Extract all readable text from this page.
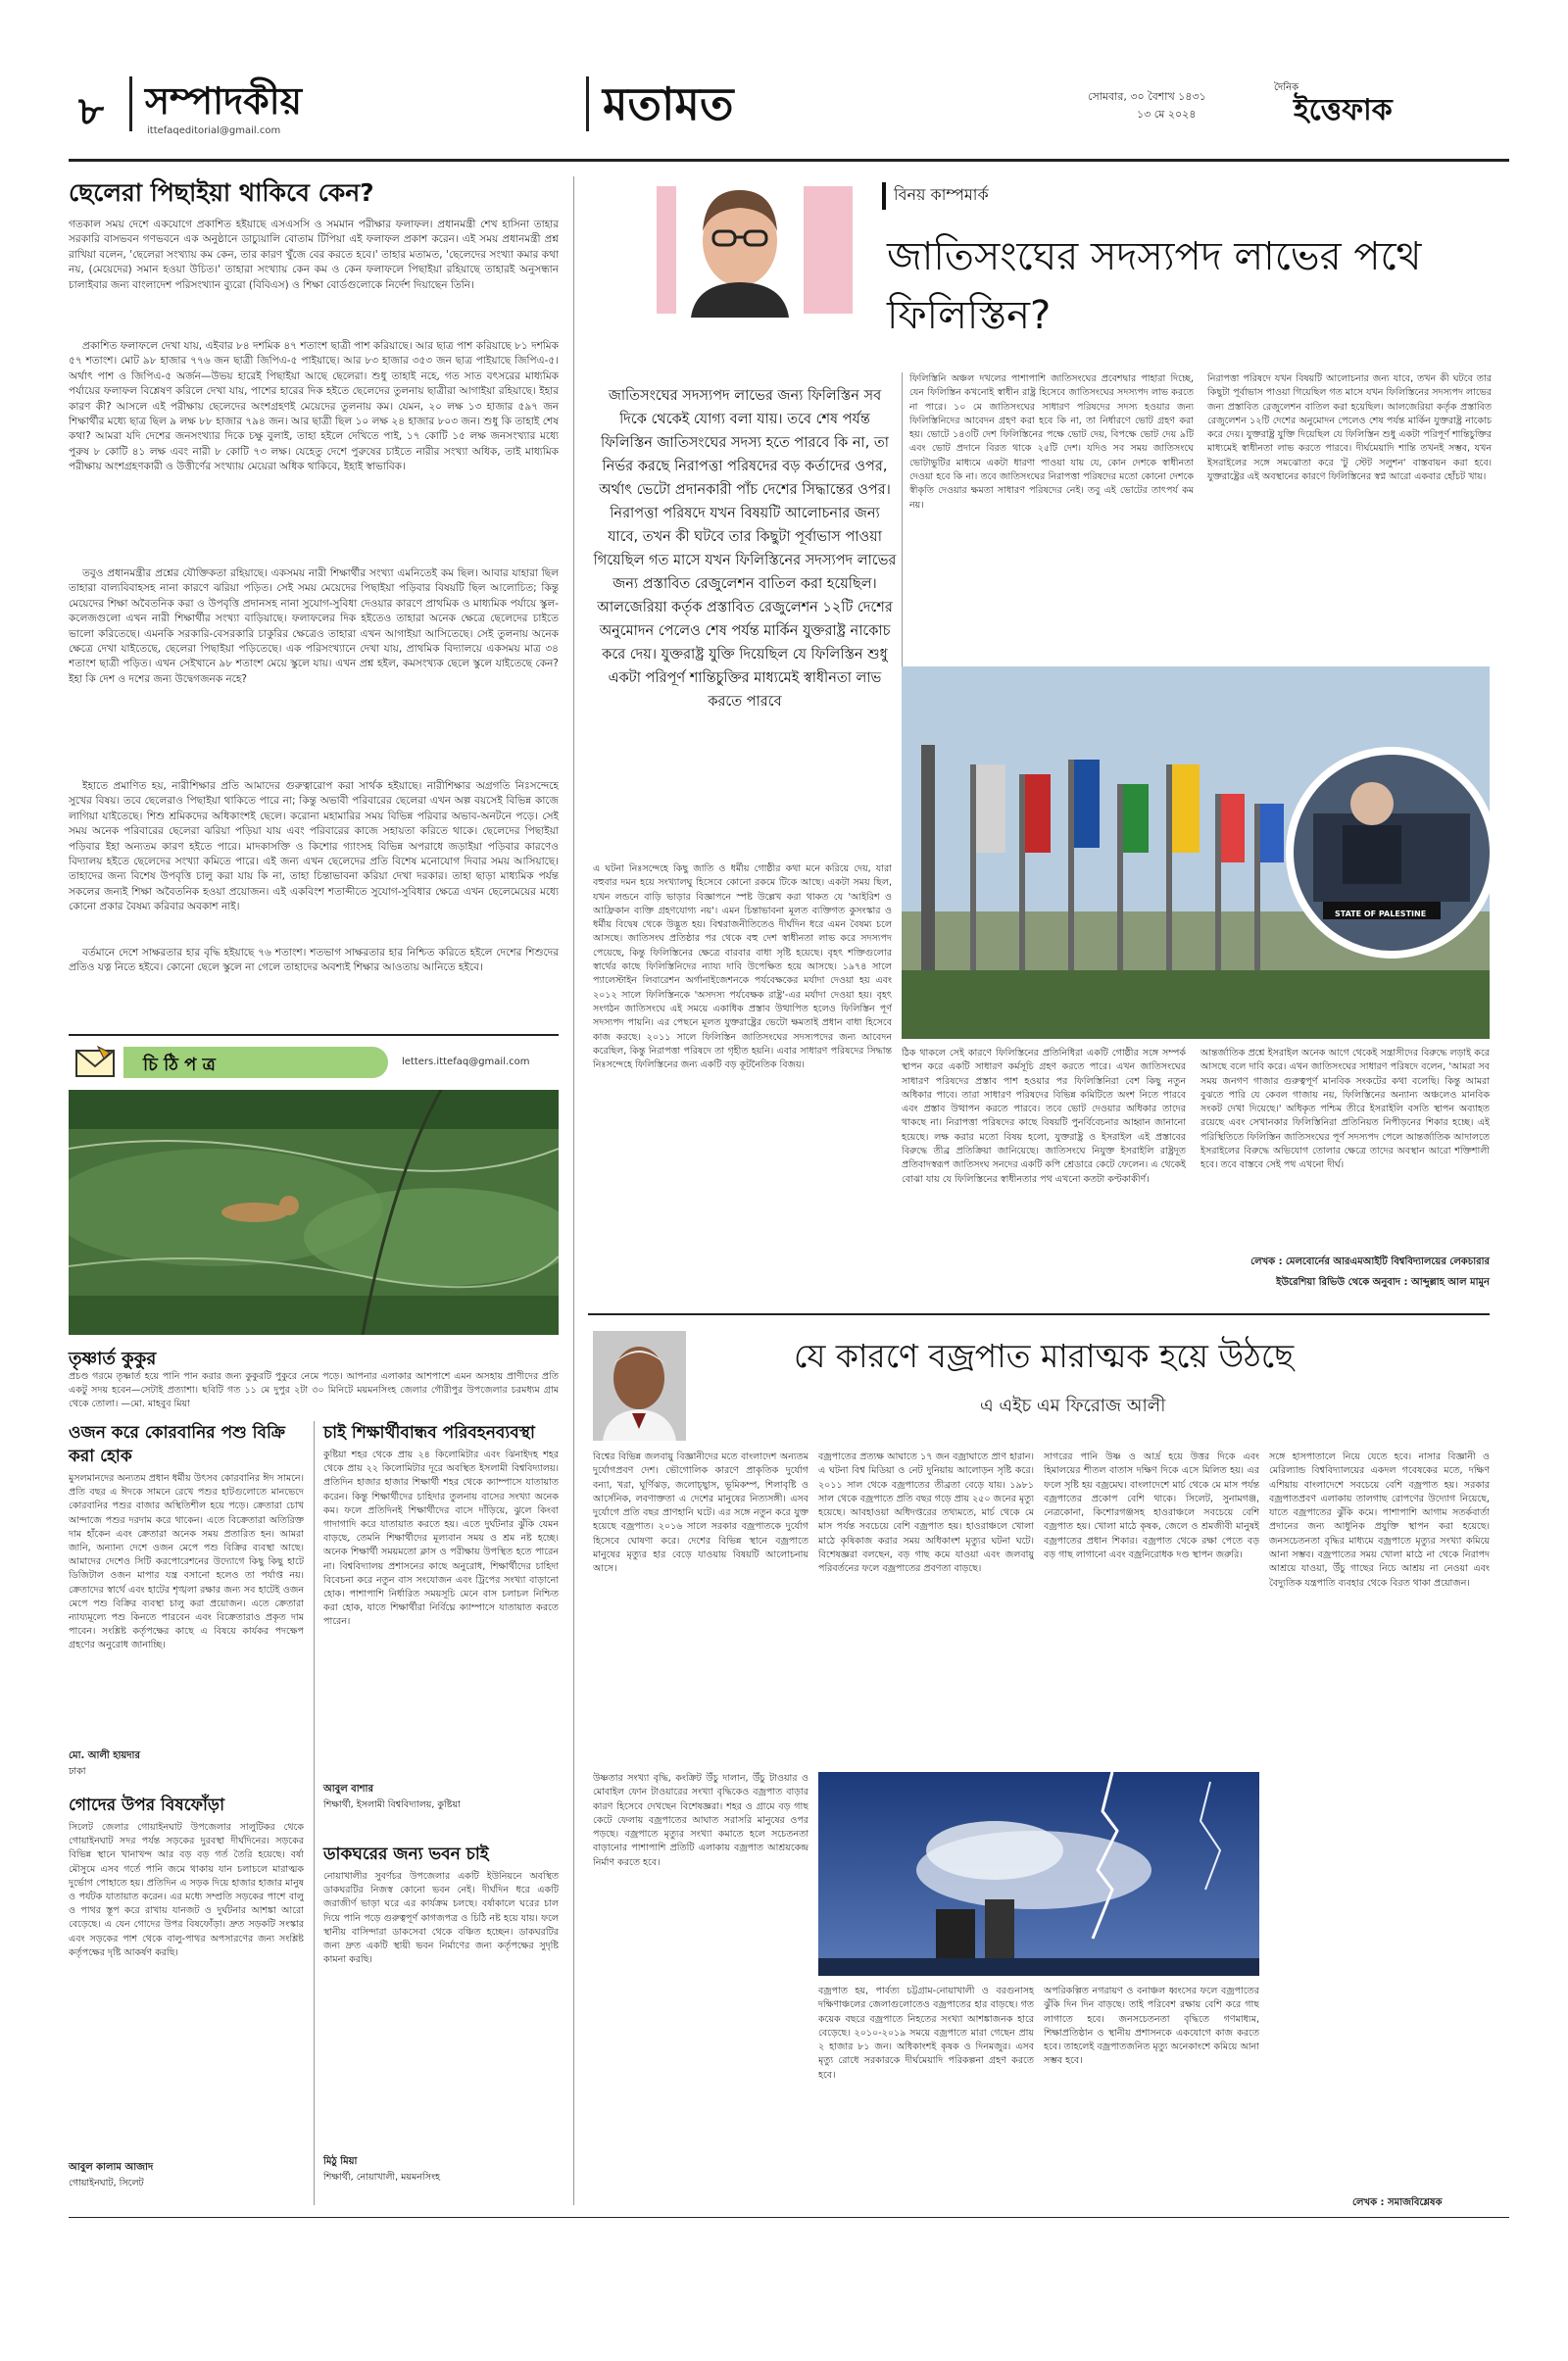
৮ সম্পাদকীয়
ittefaqeditorial@gmail.com
মতামত	সোমবার, ৩০ বৈশাখ ১৪৩১
১৩ মে ২০২৪
দৈনিক
ইত্তেফাক
ছেলেরা পিছাইয়া থাকিবে কেন?
গতকাল সময় দেশে একযোগে প্রকাশিত হইয়াছে এসএসসি ও সমমান পরীক্ষার ফলাফল। প্রধানমন্ত্রী শেখ হাসিনা তাহার সরকারি বাসভবন গণভবনে এক অনুষ্ঠানে ডাচ্যুয়ালি বোতাম টিপিয়া এই ফলাফল প্রকাশ করেন। এই সময় প্রধানমন্ত্রী প্রশ্ন রাখিয়া বলেন, 'ছেলেরা সংখ্যায় কম কেন, তার কারণ খুঁজে বের করতে হবে।' তাহার মতামত, 'ছেলেদের সংখ্যা কমার কথা নয়, (মেয়েদের) সমান হওয়া উচিত।' তাহারা সংখ্যায় কেন কম ও কেন ফলাফলে পিছাইয়া রহিয়াছে তাহারই অনুসন্ধান চালাইবার জন্য বাংলাদেশ পরিসংখ্যান ব্যুরো (বিবিএস) ও শিক্ষা বোর্ডগুলোকে নির্দেশ দিয়াছেন তিনি।
প্রকাশিত ফলাফলে দেখা যায়, এইবার ৮৪ দশমিক ৪৭ শতাংশ ছাত্রী পাশ করিয়াছে। আর ছাত্র পাশ করিয়াছে ৮১ দশমিক ৫৭ শতাংশ। মোট ৯৮ হাজার ৭৭৬ জন ছাত্রী জিপিএ-৫ পাইয়াছে। আর ৮৩ হাজার ৩৫৩ জন ছাত্র পাইয়াছে জিপিএ-৫। অর্থাৎ পাশ ও জিপিএ-৫ অর্জন—উভয় হারেই পিছাইয়া আছে ছেলেরা। শুধু তাহাই নহে, গত সাত বৎসরের মাধ্যমিক পর্যায়ের ফলাফল বিশ্লেষণ করিলে দেখা যায়, পাশের হারের দিক হইতে ছেলেদের তুলনায় ছাত্রীরা আগাইয়া রহিয়াছে। ইহার কারণ কী? আসলে এই পরীক্ষায় ছেলেদের অংশগ্রহণই মেয়েদের তুলনায় কম। যেমন, ২০ লক্ষ ১৩ হাজার ৫৯৭ জন শিক্ষার্থীর মধ্যে ছাত্র ছিল ৯ লক্ষ ৮৮ হাজার ৭৯৪ জন। আর ছাত্রী ছিল ১০ লক্ষ ২৪ হাজার ৮০৩ জন। শুধু কি তাহাই শেষ কথা? আমরা যদি দেশের জনসংখ্যার দিকে চক্ষু বুলাই, তাহা হইলে দেখিতে পাই, ১৭ কোটি ১৫ লক্ষ জনসংখ্যার মধ্যে পুরুষ ৮ কোটি ৪১ লক্ষ এবং নারী ৮ কোটি ৭৩ লক্ষ। যেহেতু দেশে পুরুষের চাইতে নারীর সংখ্যা অধিক, তাই মাধ্যমিক পরীক্ষায় অংশগ্রহণকারী ও উত্তীর্ণের সংখ্যায় মেয়েরা অধিক থাকিবে, ইহাই স্বাভাবিক।
তবুও প্রধানমন্ত্রীর প্রশ্নের যৌক্তিকতা রহিয়াছে। একসময় নারী শিক্ষার্থীর সংখ্যা এমনিতেই কম ছিল। আবার যাহারা ছিল তাহারা বাল্যবিবাহসহ নানা কারণে ঝরিয়া পড়িত। সেই সময় মেয়েদের পিছাইয়া পড়িবার বিষয়টি ছিল আলোচিত; কিন্তু মেয়েদের শিক্ষা অবৈতনিক করা ও উপবৃত্তি প্রদানসহ নানা সুযোগ-সুবিধা দেওয়ার কারণে প্রাথমিক ও মাধ্যমিক পর্যায়ে স্কুল-কলেজগুলো এখন নারী শিক্ষার্থীর সংখ্যা বাড়িয়াছে। ফলাফলের দিক হইতেও তাহারা অনেক ক্ষেত্রে ছেলেদের চাইতে ভালো করিতেছে। এমনকি সরকারি-বেসরকারি চাকুরির ক্ষেত্রেও তাহারা এখন আগাইয়া আসিতেছে। সেই তুলনায় অনেক ক্ষেত্রে দেখা যাইতেছে, ছেলেরা পিছাইয়া পড়িতেছে। এক পরিসংখ্যানে দেখা যায়, প্রাথমিক বিদ্যালয়ে একসময় মাত্র ৩৪ শতাংশ ছাত্রী পড়িত। এখন সেইখানে ৯৮ শতাংশ মেয়ে স্কুলে যায়। এখন প্রশ্ন হইল, কমসংখ্যক ছেলে স্কুলে যাইতেছে কেন? ইহা কি দেশ ও দশের জন্য উদ্বেগজনক নহে?
ইহাতে প্রমাণিত হয়, নারীশিক্ষার প্রতি আমাদের গুরুত্বারোপ করা সার্থক হইয়াছে। নারীশিক্ষার অগ্রগতি নিঃসন্দেহে সুখের বিষয়। তবে ছেলেরাও পিছাইয়া থাকিতে পারে না; কিন্তু অভাবী পরিবারের ছেলেরা এখন অল্প বয়সেই বিভিন্ন কাজে লাগিয়া যাইতেছে। শিশু শ্রমিকদের অধিকাংশই ছেলে। করোনা মহামারির সময় বিভিন্ন পরিবার অভাব-অনটনে পড়ে। সেই সময় অনেক পরিবারের ছেলেরা ঝরিয়া পড়িয়া যায় এবং পরিবারের কাজে সহায়তা করিতে থাকে। ছেলেদের পিছাইয়া পড়িবার ইহা অন্যতম কারণ হইতে পারে। মাদকাসক্তি ও কিশোর গ্যাংসহ বিভিন্ন অপরাধে জড়াইয়া পড়িবার কারণেও বিদ্যালয় হইতে ছেলেদের সংখ্যা কমিতে পারে। এই জন্য এখন ছেলেদের প্রতি বিশেষ মনোযোগ দিবার সময় আসিয়াছে। তাহাদের জন্য বিশেষ উপবৃত্তি চালু করা যায় কি না, তাহা চিন্তাভাবনা করিয়া দেখা দরকার। তাহা ছাড়া মাধ্যমিক পর্যন্ত সকলের জন্যই শিক্ষা অবৈতনিক হওয়া প্রয়োজন। এই একবিংশ শতাব্দীতে সুযোগ-সুবিধার ক্ষেত্রে এখন ছেলেমেয়ের মধ্যে কোনো প্রকার বৈষম্য করিবার অবকাশ নাই।
বর্তমানে দেশে সাক্ষরতার হার বৃদ্ধি হইয়াছে ৭৬ শতাংশ। শতভাগ সাক্ষরতার হার নিশ্চিত করিতে হইলে দেশের শিশুদের প্রতিও যত্ন নিতে হইবে। কোনো ছেলে স্কুলে না গেলে তাহাদের অবশ্যই শিক্ষার আওতায় আনিতে হইবে।
চি ঠি প ত্র	letters.ittefaq@gmail.com
তৃষ্ণার্ত কুকুর
প্রচণ্ড গরমে তৃষ্ণার্ত হয়ে পানি পান করার জন্য কুকুরটি পুকুরে নেমে পড়ে। আপনার এলাকার আশপাশে এমন অসহায় প্রাণীদের প্রতি একটু সদয় হবেন—সেটাই প্রত্যাশা। ছবিটি গত ১১ মে দুপুর ২টা ৩০ মিনিটে ময়মনসিংহ জেলার গৌরীপুর উপজেলার চরমধ্যম গ্রাম থেকে তোলা। —মো. মাহবুব মিয়া
ওজন করে কোরবানির পশু বিক্রি করা হোক
মুসলমানদের অন্যতম প্রধান ধর্মীয় উৎসব কোরবানির ঈদ সামনে। প্রতি বছর এ ঈদকে সামনে রেখে পশুর হাটগুলোতে মানভেদে কোরবানির পশুর বাজার অস্থিতিশীল হয়ে পড়ে। ক্রেতারা চোখ আন্দাজে পশুর দরদাম করে থাকেন। এতে বিক্রেতারা অতিরিক্ত দাম হাঁকেন এবং ক্রেতারা অনেক সময় প্রতারিত হন। আমরা জানি, অন্যান্য দেশে ওজন মেপে পশু বিক্রির ব্যবস্থা আছে। আমাদের দেশেও সিটি করপোরেশনের উদ্যোগে কিছু কিছু হাটে ডিজিটাল ওজন মাপার যন্ত্র বসানো হলেও তা পর্যাপ্ত নয়। ক্রেতাদের স্বার্থে এবং হাটের শৃঙ্খলা রক্ষার জন্য সব হাটেই ওজন মেপে পশু বিক্রির ব্যবস্থা চালু করা প্রয়োজন। এতে ক্রেতারা ন্যায্যমূল্যে পশু কিনতে পারবেন এবং বিক্রেতারাও প্রকৃত দাম পাবেন। সংশ্লিষ্ট কর্তৃপক্ষের কাছে এ বিষয়ে কার্যকর পদক্ষেপ গ্রহণের অনুরোধ জানাচ্ছি।
মো. আলী হায়দার
ঢাকা
গোদের উপর বিষফোঁড়া
সিলেট জেলার গোয়াইনঘাট উপজেলার সালুটিকর থেকে গোয়াইনঘাট সদর পর্যন্ত সড়কের দুরবস্থা দীর্ঘদিনের। সড়কের বিভিন্ন স্থানে খানাখন্দ আর বড় বড় গর্ত তৈরি হয়েছে। বর্ষা মৌসুমে এসব গর্তে পানি জমে থাকায় যান চলাচলে মারাত্মক দুর্ভোগ পোহাতে হয়। প্রতিদিন এ সড়ক দিয়ে হাজার হাজার মানুষ ও পর্যটক যাতায়াত করেন। এর মধ্যে সম্প্রতি সড়কের পাশে বালু ও পাথর স্তূপ করে রাখায় যানজট ও দুর্ঘটনার আশঙ্কা আরো বেড়েছে। এ যেন গোদের উপর বিষফোঁড়া। দ্রুত সড়কটি সংস্কার এবং সড়কের পাশ থেকে বালু-পাথর অপসারণের জন্য সংশ্লিষ্ট কর্তৃপক্ষের দৃষ্টি আকর্ষণ করছি।
আবুল কালাম আজাদ
গোয়াইনঘাট, সিলেট
চাই শিক্ষার্থীবান্ধব পরিবহনব্যবস্থা
কুষ্টিয়া শহর থেকে প্রায় ২৪ কিলোমিটার এবং ঝিনাইদহ শহর থেকে প্রায় ২২ কিলোমিটার দূরে অবস্থিত ইসলামী বিশ্ববিদ্যালয়। প্রতিদিন হাজার হাজার শিক্ষার্থী শহর থেকে ক্যাম্পাসে যাতায়াত করেন। কিন্তু শিক্ষার্থীদের চাহিদার তুলনায় বাসের সংখ্যা অনেক কম। ফলে প্রতিদিনই শিক্ষার্থীদের বাসে দাঁড়িয়ে, ঝুলে কিংবা গাদাগাদি করে যাতায়াত করতে হয়। এতে দুর্ঘটনার ঝুঁকি যেমন বাড়ছে, তেমনি শিক্ষার্থীদের মূল্যবান সময় ও শ্রম নষ্ট হচ্ছে। অনেক শিক্ষার্থী সময়মতো ক্লাস ও পরীক্ষায় উপস্থিত হতে পারেন না। বিশ্ববিদ্যালয় প্রশাসনের কাছে অনুরোধ, শিক্ষার্থীদের চাহিদা বিবেচনা করে নতুন বাস সংযোজন এবং ট্রিপের সংখ্যা বাড়ানো হোক। পাশাপাশি নির্ধারিত সময়সূচি মেনে বাস চলাচল নিশ্চিত করা হোক, যাতে শিক্ষার্থীরা নির্বিঘ্নে ক্যাম্পাসে যাতায়াত করতে পারেন।
আবুল বাশার
শিক্ষার্থী, ইসলামী বিশ্ববিদ্যালয়, কুষ্টিয়া
ডাকঘরের জন্য ভবন চাই
নোয়াখালীর সুবর্ণচর উপজেলার একটি ইউনিয়নে অবস্থিত ডাকঘরটির নিজস্ব কোনো ভবন নেই। দীর্ঘদিন ধরে একটি জরাজীর্ণ ভাড়া ঘরে এর কার্যক্রম চলছে। বর্ষাকালে ঘরের চাল দিয়ে পানি পড়ে গুরুত্বপূর্ণ কাগজপত্র ও চিঠি নষ্ট হয়ে যায়। ফলে স্থানীয় বাসিন্দারা ডাকসেবা থেকে বঞ্চিত হচ্ছেন। ডাকঘরটির জন্য দ্রুত একটি স্থায়ী ভবন নির্মাণের জন্য কর্তৃপক্ষের সুদৃষ্টি কামনা করছি।
মিঠু মিয়া
শিক্ষার্থী, নোয়াখালী, ময়মনসিংহ
বিনয় কাম্পমার্ক
জাতিসংঘের সদস্যপদ লাভের পথে ফিলিস্তিন?
জাতিসংঘের সদস্যপদ লাভের জন্য ফিলিস্তিন সব দিকে থেকেই যোগ্য বলা যায়। তবে শেষ পর্যন্ত ফিলিস্তিন জাতিসংঘের সদস্য হতে পারবে কি না, তা নির্ভর করছে নিরাপত্তা পরিষদের বড় কর্তাদের ওপর, অর্থাৎ ভেটো প্রদানকারী পাঁচ দেশের সিদ্ধান্তের ওপর। নিরাপত্তা পরিষদে যখন বিষয়টি আলোচনার জন্য যাবে, তখন কী ঘটবে তার কিছুটা পূর্বাভাস পাওয়া গিয়েছিল গত মাসে যখন ফিলিস্তিনের সদস্যপদ লাভের জন্য প্রস্তাবিত রেজুলেশন বাতিল করা হয়েছিল। আলজেরিয়া কর্তৃক প্রস্তাবিত রেজুলেশন ১২টি দেশের অনুমোদন পেলেও শেষ পর্যন্ত মার্কিন যুক্তরাষ্ট্র নাকোচ করে দেয়। যুক্তরাষ্ট্র যুক্তি দিয়েছিল যে ফিলিস্তিন শুধু একটা পরিপূর্ণ শান্তিচুক্তির মাধ্যমেই স্বাধীনতা লাভ করতে পারবে
ফিলিস্তিনি অঞ্চল দখলের পাশাপাশি জাতিসংঘের প্রবেশদ্বার পাহারা দিচ্ছে, যেন ফিলিস্তিন কখনোই স্বাধীন রাষ্ট্র হিসেবে জাতিসংঘের সদস্যপদ লাভ করতে না পারে। ১০ মে জাতিসংঘের সাধারণ পরিষদের সদস্য হওয়ার জন্য ফিলিস্তিনিদের আবেদন গ্রহণ করা হবে কি না, তা নির্ধারণে ভোট গ্রহণ করা হয়। ভোটে ১৪৩টি দেশ ফিলিস্তিনের পক্ষে ভোট দেয়, বিপক্ষে ভোট দেয় ৯টি এবং ভোট প্রদানে বিরত থাকে ২৫টি দেশ। যদিও সব সময় জাতিসংঘে ভোটাভুটির মাধ্যমে একটা ধারণা পাওয়া যায় যে, কোন দেশকে স্বাধীনতা দেওয়া হবে কি না। তবে জাতিসংঘের নিরাপত্তা পরিষদের মতো কোনো দেশকে স্বীকৃতি দেওয়ার ক্ষমতা সাধারণ পরিষদের নেই। তবু এই ভোটের তাৎপর্য কম নয়।
নিরাপত্তা পরিষদে যখন বিষয়টি আলোচনার জন্য যাবে, তখন কী ঘটবে তার কিছুটা পূর্বাভাস পাওয়া গিয়েছিল গত মাসে যখন ফিলিস্তিনের সদস্যপদ লাভের জন্য প্রস্তাবিত রেজুলেশন বাতিল করা হয়েছিল। আলজেরিয়া কর্তৃক প্রস্তাবিত রেজুলেশন ১২টি দেশের অনুমোদন পেলেও শেষ পর্যন্ত মার্কিন যুক্তরাষ্ট্র নাকোচ করে দেয়। যুক্তরাষ্ট্র যুক্তি দিয়েছিল যে ফিলিস্তিন শুধু একটা পরিপূর্ণ শান্তিচুক্তির মাধ্যমেই স্বাধীনতা লাভ করতে পারবে। দীর্ঘমেয়াদি শান্তি তখনই সম্ভব, যখন ইসরাইলের সঙ্গে সমঝোতা করে 'টু স্টেট সলুশন' বাস্তবায়ন করা হবে। যুক্তরাষ্ট্রের এই অবস্থানের কারণে ফিলিস্তিনের স্বপ্ন আরো একবার হোঁচট খায়।
STATE OF PALESTINE
এ ঘটনা নিঃসন্দেহে কিছু জাতি ও ধর্মীয় গোষ্ঠীর কথা মনে করিয়ে দেয়, যারা বহুবার দমন হয়ে সংখ্যালঘু হিসেবে কোনো রকমে টিকে আছে। একটা সময় ছিল, যখন লন্ডনে বাড়ি ভাড়ার বিজ্ঞাপনে স্পষ্ট উল্লেখ করা থাকত যে 'আইরিশ ও আফ্রিকান ব্যক্তি গ্রহণযোগ্য নয়'। এমন চিন্তাভাবনা মূলত ব্যক্তিগত কুসংস্কার ও ধর্মীয় বিদ্বেষ থেকে উদ্ভূত হয়। বিশ্বরাজনীতিতেও দীর্ঘদিন ধরে এমন বৈষম্য চলে আসছে। জাতিসংঘ প্রতিষ্ঠার পর থেকে বহু দেশ স্বাধীনতা লাভ করে সদস্যপদ পেয়েছে, কিন্তু ফিলিস্তিনের ক্ষেত্রে বারবার বাধা সৃষ্টি হয়েছে। বৃহৎ শক্তিগুলোর স্বার্থের কাছে ফিলিস্তিনিদের ন্যায্য দাবি উপেক্ষিত হয়ে আসছে। ১৯৭৪ সালে প্যালেস্টাইন লিবারেশন অর্গানাইজেশনকে পর্যবেক্ষকের মর্যাদা দেওয়া হয় এবং ২০১২ সালে ফিলিস্তিনকে 'অসদস্য পর্যবেক্ষক রাষ্ট্র'-এর মর্যাদা দেওয়া হয়। বৃহৎ সংগঠন জাতিসংঘে এই সময়ে একাধিক প্রস্তাব উত্থাপিত হলেও ফিলিস্তিন পূর্ণ সদস্যপদ পায়নি। এর পেছনে মূলত যুক্তরাষ্ট্রের ভেটো ক্ষমতাই প্রধান বাধা হিসেবে কাজ করছে। ২০১১ সালে ফিলিস্তিন জাতিসংঘের সদস্যপদের জন্য আবেদন করেছিল, কিন্তু নিরাপত্তা পরিষদে তা গৃহীত হয়নি। এবার সাধারণ পরিষদের সিদ্ধান্ত নিঃসন্দেহে ফিলিস্তিনের জন্য একটি বড় কূটনৈতিক বিজয়।
ঠিক থাকলে সেই কারণে ফিলিস্তিনের প্রতিনিধিরা একটি গোষ্ঠীর সঙ্গে সম্পর্ক স্থাপন করে একটি সাধারণ কর্মসূচি গ্রহণ করতে পারে। এখন জাতিসংঘের সাধারণ পরিষদের প্রস্তাব পাশ হওয়ার পর ফিলিস্তিনিরা বেশ কিছু নতুন অধিকার পাবে। তারা সাধারণ পরিষদের বিভিন্ন কমিটিতে অংশ নিতে পারবে এবং প্রস্তাব উত্থাপন করতে পারবে। তবে ভোট দেওয়ার অধিকার তাদের থাকছে না। নিরাপত্তা পরিষদের কাছে বিষয়টি পুনর্বিবেচনার আহ্বান জানানো হয়েছে। লক্ষ করার মতো বিষয় হলো, যুক্তরাষ্ট্র ও ইসরাইল এই প্রস্তাবের বিরুদ্ধে তীব্র প্রতিক্রিয়া জানিয়েছে। জাতিসংঘে নিযুক্ত ইসরাইলি রাষ্ট্রদূত প্রতিবাদস্বরূপ জাতিসংঘ সনদের একটি কপি শ্রেডারে কেটে ফেলেন। এ থেকেই বোঝা যায় যে ফিলিস্তিনের স্বাধীনতার পথ এখনো কতটা কণ্টকাকীর্ণ।
আন্তর্জাতিক প্রশ্নে ইসরাইল অনেক আগে থেকেই সন্ত্রাসীদের বিরুদ্ধে লড়াই করে আসছে বলে দাবি করে। এখন জাতিসংঘের সাধারণ পরিষদে বলেন, 'আমরা সব সময় জনগণ গাজার গুরুত্বপূর্ণ মানবিক সংকটের কথা বলেছি। কিন্তু আমরা বুঝতে পারি যে কেবল গাজায় নয়, ফিলিস্তিনের অন্যান্য অঞ্চলেও মানবিক সংকট দেখা দিয়েছে।' অধিকৃত পশ্চিম তীরে ইসরাইলি বসতি স্থাপন অব্যাহত রয়েছে এবং সেখানকার ফিলিস্তিনিরা প্রতিনিয়ত নিপীড়নের শিকার হচ্ছে। এই পরিস্থিতিতে ফিলিস্তিন জাতিসংঘের পূর্ণ সদস্যপদ পেলে আন্তর্জাতিক আদালতে ইসরাইলের বিরুদ্ধে অভিযোগ তোলার ক্ষেত্রে তাদের অবস্থান আরো শক্তিশালী হবে। তবে বাস্তবে সেই পথ এখনো দীর্ঘ।
লেখক : মেলবোর্নের আরএমআইটি বিশ্ববিদ্যালয়ের লেকচারার
ইউরেশিয়া রিভিউ থেকে অনুবাদ : আব্দুল্লাহ আল মামুন
যে কারণে বজ্রপাত মারাত্মক হয়ে উঠছে
এ এইচ এম ফিরোজ আলী
বিশ্বের বিভিন্ন জলবায়ু বিজ্ঞানীদের মতে বাংলাদেশ অন্যতম দুর্যোগপ্রবণ দেশ। ভৌগোলিক কারণে প্রাকৃতিক দুর্যোগ বন্যা, খরা, ঘূর্ণিঝড়, জলোচ্ছ্বাস, ভূমিকম্প, শিলাবৃষ্টি ও আর্সেনিক, লবণাক্ততা এ দেশের মানুষের নিত্যসঙ্গী। এসব দুর্যোগে প্রতি বছর প্রাণহানি ঘটে। এর সঙ্গে নতুন করে যুক্ত হয়েছে বজ্রপাত। ২০১৬ সালে সরকার বজ্রপাতকে দুর্যোগ হিসেবে ঘোষণা করে। দেশের বিভিন্ন স্থানে বজ্রপাতে মানুষের মৃত্যুর হার বেড়ে যাওয়ায় বিষয়টি আলোচনায় আসে।
বজ্রপাতের প্রত্যক্ষ আঘাতে ১৭ জন বজ্রাঘাতে প্রাণ হারান। এ ঘটনা বিশ্ব মিডিয়া ও নেট দুনিয়ায় আলোড়ন সৃষ্টি করে। ২০১১ সাল থেকে বজ্রপাতের তীব্রতা বেড়ে যায়। ১৯৮১ সাল থেকে বজ্রপাতে প্রতি বছর গড়ে প্রায় ২৫০ জনের মৃত্যু হয়েছে। আবহাওয়া অধিদপ্তরের তথ্যমতে, মার্চ থেকে মে মাস পর্যন্ত সবচেয়ে বেশি বজ্রপাত হয়। হাওরাঞ্চলে খোলা মাঠে কৃষিকাজ করার সময় অধিকাংশ মৃত্যুর ঘটনা ঘটে। বিশেষজ্ঞরা বলছেন, বড় গাছ কমে যাওয়া এবং জলবায়ু পরিবর্তনের ফলে বজ্রপাতের প্রবণতা বাড়ছে।
সাগরের পানি উষ্ণ ও আর্দ্র হয়ে উত্তর দিকে এবং হিমালয়ের শীতল বাতাস দক্ষিণ দিকে এসে মিলিত হয়। এর ফলে সৃষ্টি হয় বজ্রমেঘ। বাংলাদেশে মার্চ থেকে মে মাস পর্যন্ত বজ্রপাতের প্রকোপ বেশি থাকে। সিলেট, সুনামগঞ্জ, নেত্রকোনা, কিশোরগঞ্জসহ হাওরাঞ্চলে সবচেয়ে বেশি বজ্রপাত হয়। খোলা মাঠে কৃষক, জেলে ও শ্রমজীবী মানুষই বজ্রপাতের প্রধান শিকার। বজ্রপাত থেকে রক্ষা পেতে বড় বড় গাছ লাগানো এবং বজ্রনিরোধক দণ্ড স্থাপন জরুরি।
সঙ্গে হাসপাতালে নিয়ে যেতে হবে। নাসার বিজ্ঞানী ও মেরিল্যান্ড বিশ্ববিদ্যালয়ের একদল গবেষকের মতে, দক্ষিণ এশিয়ায় বাংলাদেশে সবচেয়ে বেশি বজ্রপাত হয়। সরকার বজ্রপাতপ্রবণ এলাকায় তালগাছ রোপণের উদ্যোগ নিয়েছে, যাতে বজ্রপাতের ঝুঁকি কমে। পাশাপাশি আগাম সতর্কবার্তা প্রদানের জন্য আধুনিক প্রযুক্তি স্থাপন করা হয়েছে। জনসচেতনতা বৃদ্ধির মাধ্যমে বজ্রপাতে মৃত্যুর সংখ্যা কমিয়ে আনা সম্ভব। বজ্রপাতের সময় খোলা মাঠে না থেকে নিরাপদ আশ্রয়ে যাওয়া, উঁচু গাছের নিচে আশ্রয় না নেওয়া এবং বৈদ্যুতিক যন্ত্রপাতি ব্যবহার থেকে বিরত থাকা প্রয়োজন।
উষ্ণতার সংখ্যা বৃদ্ধি, কংক্রিট উঁচু দালান, উঁচু টাওয়ার ও মোবাইল ফোন টাওয়ারের সংখ্যা বৃদ্ধিকেও বজ্রপাত বাড়ার কারণ হিসেবে দেখছেন বিশেষজ্ঞরা। শহর ও গ্রামে বড় গাছ কেটে ফেলায় বজ্রপাতের আঘাত সরাসরি মানুষের ওপর পড়ছে। বজ্রপাতে মৃত্যুর সংখ্যা কমাতে হলে সচেতনতা বাড়ানোর পাশাপাশি প্রতিটি এলাকায় বজ্রপাত আশ্রয়কেন্দ্র নির্মাণ করতে হবে।
বজ্রপাত হয়, পার্বত্য চট্টগ্রাম-নোয়াখালী ও বরগুনাসহ দক্ষিণাঞ্চলের জেলাগুলোতেও বজ্রপাতের হার বাড়ছে। গত কয়েক বছরে বজ্রপাতে নিহতের সংখ্যা আশঙ্কাজনক হারে বেড়েছে। ২০১০-২০১৯ সময়ে বজ্রপাতে মারা গেছেন প্রায় ২ হাজার ৮১ জন। অধিকাংশই কৃষক ও দিনমজুর। এসব মৃত্যু রোধে সরকারকে দীর্ঘমেয়াদি পরিকল্পনা গ্রহণ করতে হবে।
অপরিকল্পিত নগরায়ণ ও বনাঞ্চল ধ্বংসের ফলে বজ্রপাতের ঝুঁকি দিন দিন বাড়ছে। তাই পরিবেশ রক্ষায় বেশি করে গাছ লাগাতে হবে। জনসচেতনতা বৃদ্ধিতে গণমাধ্যম, শিক্ষাপ্রতিষ্ঠান ও স্থানীয় প্রশাসনকে একযোগে কাজ করতে হবে। তাহলেই বজ্রপাতজনিত মৃত্যু অনেকাংশে কমিয়ে আনা সম্ভব হবে।
লেখক : সমাজবিশ্লেষক
